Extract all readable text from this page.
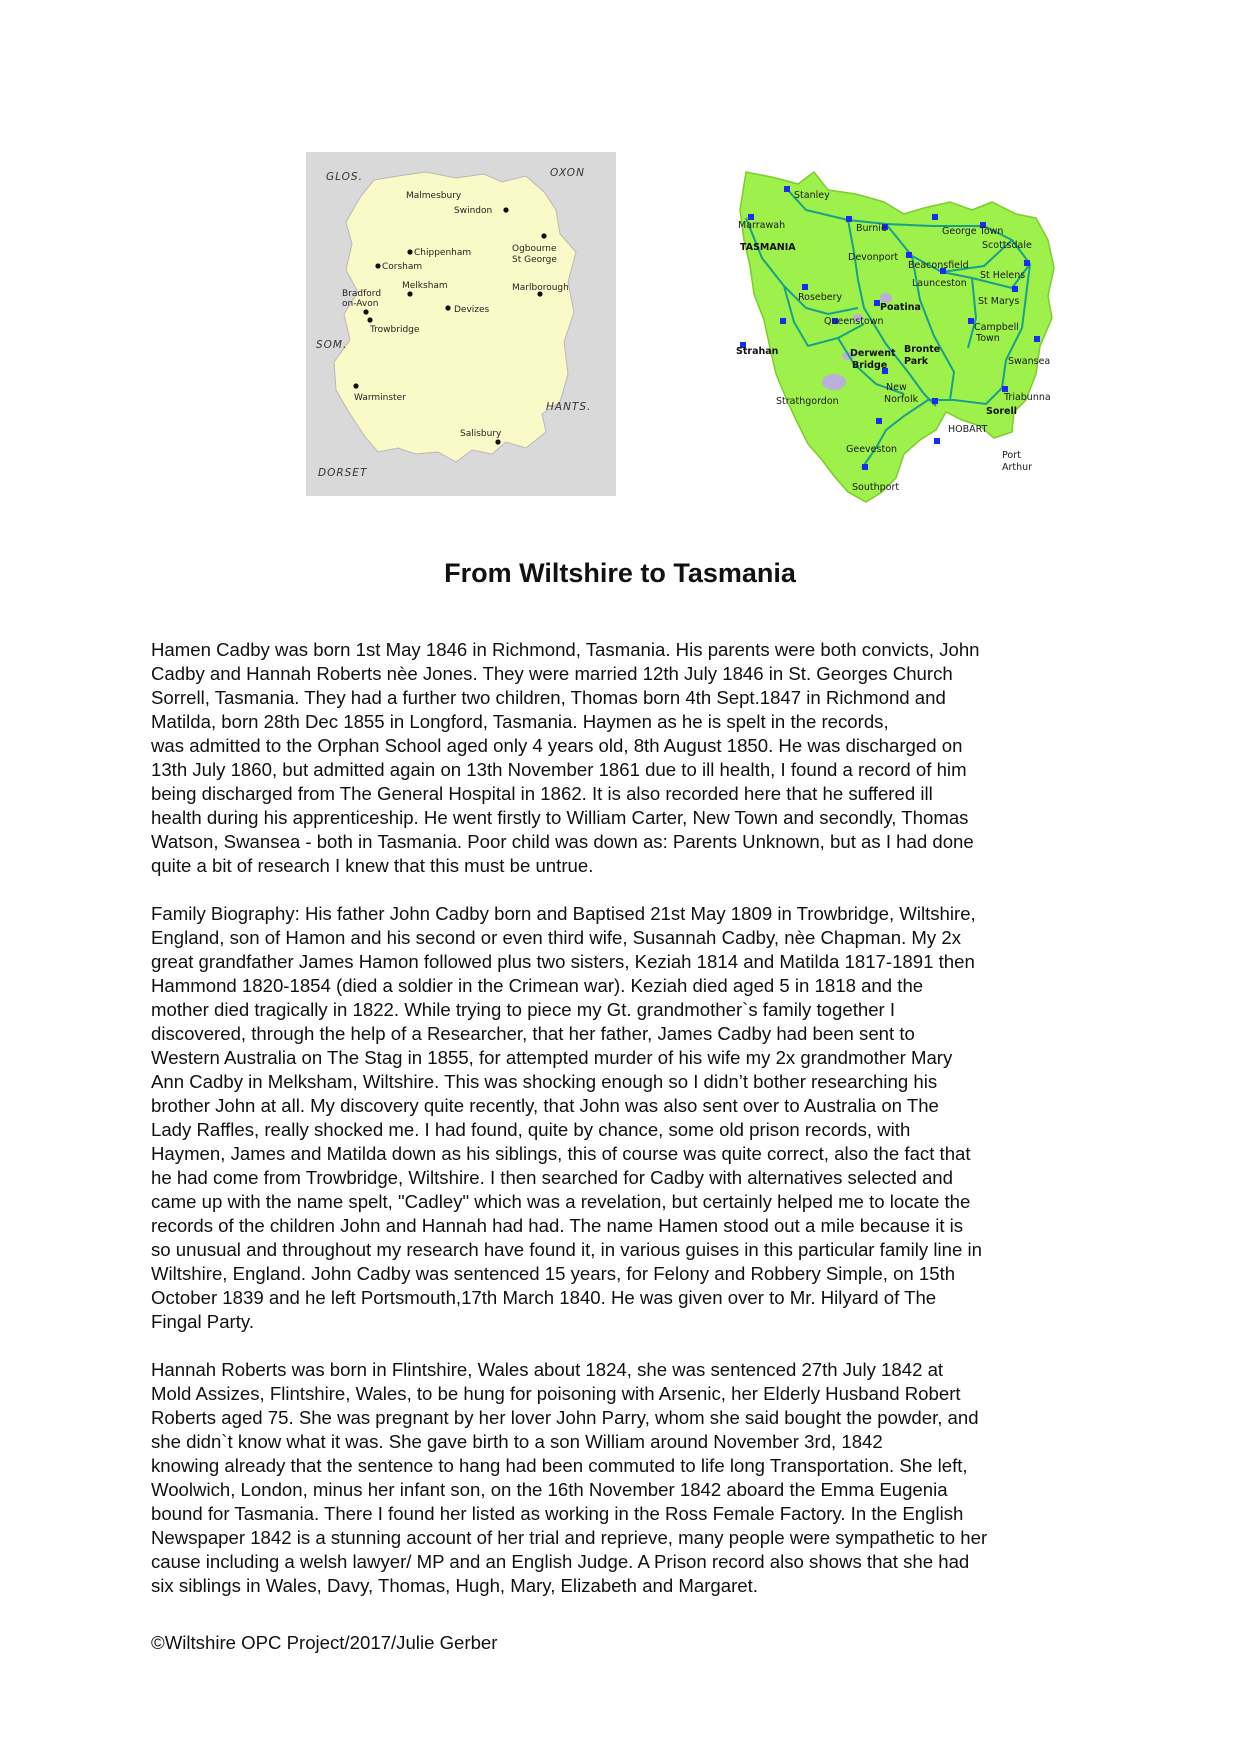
GLOS.	OXON
SOM.
HANTS.
DORSET
Malmesbury
Swindon
Chippenham
Corsham
Ogbourne
St George
Melksham	Marlborough
Bradford
on-Avon
Devizes
Trowbridge
Warminster
Salisbury
TASMANIA
Stanley
Marrawah	Burnie	George Town
Scottsdale
Devonport
Beaconsfield
St Helens
Launceston
Rosebery
Poatina
St Marys
Queenstown
Campbell
Town
Strahan	Derwent
Bridge
Bronte
Park	Swansea
New
Norfolk
Strathgordon	Triabunna
Sorell
HOBART
Geeveston
Port
Arthur
Southport
From Wiltshire to Tasmania
Hamen Cadby was born 1st May 1846 in Richmond, Tasmania. His parents were both convicts, John
Cadby and Hannah Roberts nèe Jones. They were married 12th July 1846 in St. Georges Church
Sorrell, Tasmania. They had a further two children, Thomas born 4th Sept.1847 in Richmond and
Matilda, born 28th Dec 1855 in Longford, Tasmania. Haymen as he is spelt in the records,
was admitted to the Orphan School aged only 4 years old, 8th August 1850. He was discharged on
13th July 1860, but admitted again on 13th November 1861 due to ill health, I found a record of him
being discharged from The General Hospital in 1862. It is also recorded here that he suffered ill
health during his apprenticeship. He went firstly to William Carter, New Town and secondly, Thomas
Watson, Swansea - both in Tasmania. Poor child was down as: Parents Unknown, but as I had done
quite a bit of research I knew that this must be untrue.
Family Biography: His father John Cadby born and Baptised 21st May 1809 in Trowbridge, Wiltshire,
England, son of Hamon and his second or even third wife, Susannah Cadby, nèe Chapman. My 2x
great grandfather James Hamon followed plus two sisters, Keziah 1814 and Matilda 1817-1891 then
Hammond 1820-1854 (died a soldier in the Crimean war). Keziah died aged 5 in 1818 and the
mother died tragically in 1822. While trying to piece my Gt. grandmother`s family together I
discovered, through the help of a Researcher, that her father, James Cadby had been sent to
Western Australia on The Stag in 1855, for attempted murder of his wife my 2x grandmother Mary
Ann Cadby in Melksham, Wiltshire. This was shocking enough so I didn’t bother researching his
brother John at all. My discovery quite recently, that John was also sent over to Australia on The
Lady Raffles, really shocked me. I had found, quite by chance, some old prison records, with
Haymen, James and Matilda down as his siblings, this of course was quite correct, also the fact that
he had come from Trowbridge, Wiltshire. I then searched for Cadby with alternatives selected and
came up with the name spelt, "Cadley" which was a revelation, but certainly helped me to locate the
records of the children John and Hannah had had. The name Hamen stood out a mile because it is
so unusual and throughout my research have found it, in various guises in this particular family line in
Wiltshire, England. John Cadby was sentenced 15 years, for Felony and Robbery Simple, on 15th
October 1839 and he left Portsmouth,17th March 1840. He was given over to Mr. Hilyard of The
Fingal Party.
Hannah Roberts was born in Flintshire, Wales about 1824, she was sentenced 27th July 1842 at
Mold Assizes, Flintshire, Wales, to be hung for poisoning with Arsenic, her Elderly Husband Robert
Roberts aged 75. She was pregnant by her lover John Parry, whom she said bought the powder, and
she didn`t know what it was. She gave birth to a son William around November 3rd, 1842
knowing already that the sentence to hang had been commuted to life long Transportation. She left,
Woolwich, London, minus her infant son, on the 16th November 1842 aboard the Emma Eugenia
bound for Tasmania. There I found her listed as working in the Ross Female Factory. In the English
Newspaper 1842 is a stunning account of her trial and reprieve, many people were sympathetic to her
cause including a welsh lawyer/ MP and an English Judge. A Prison record also shows that she had
six siblings in Wales, Davy, Thomas, Hugh, Mary, Elizabeth and Margaret.

©Wiltshire OPC Project/2017/Julie Gerber
